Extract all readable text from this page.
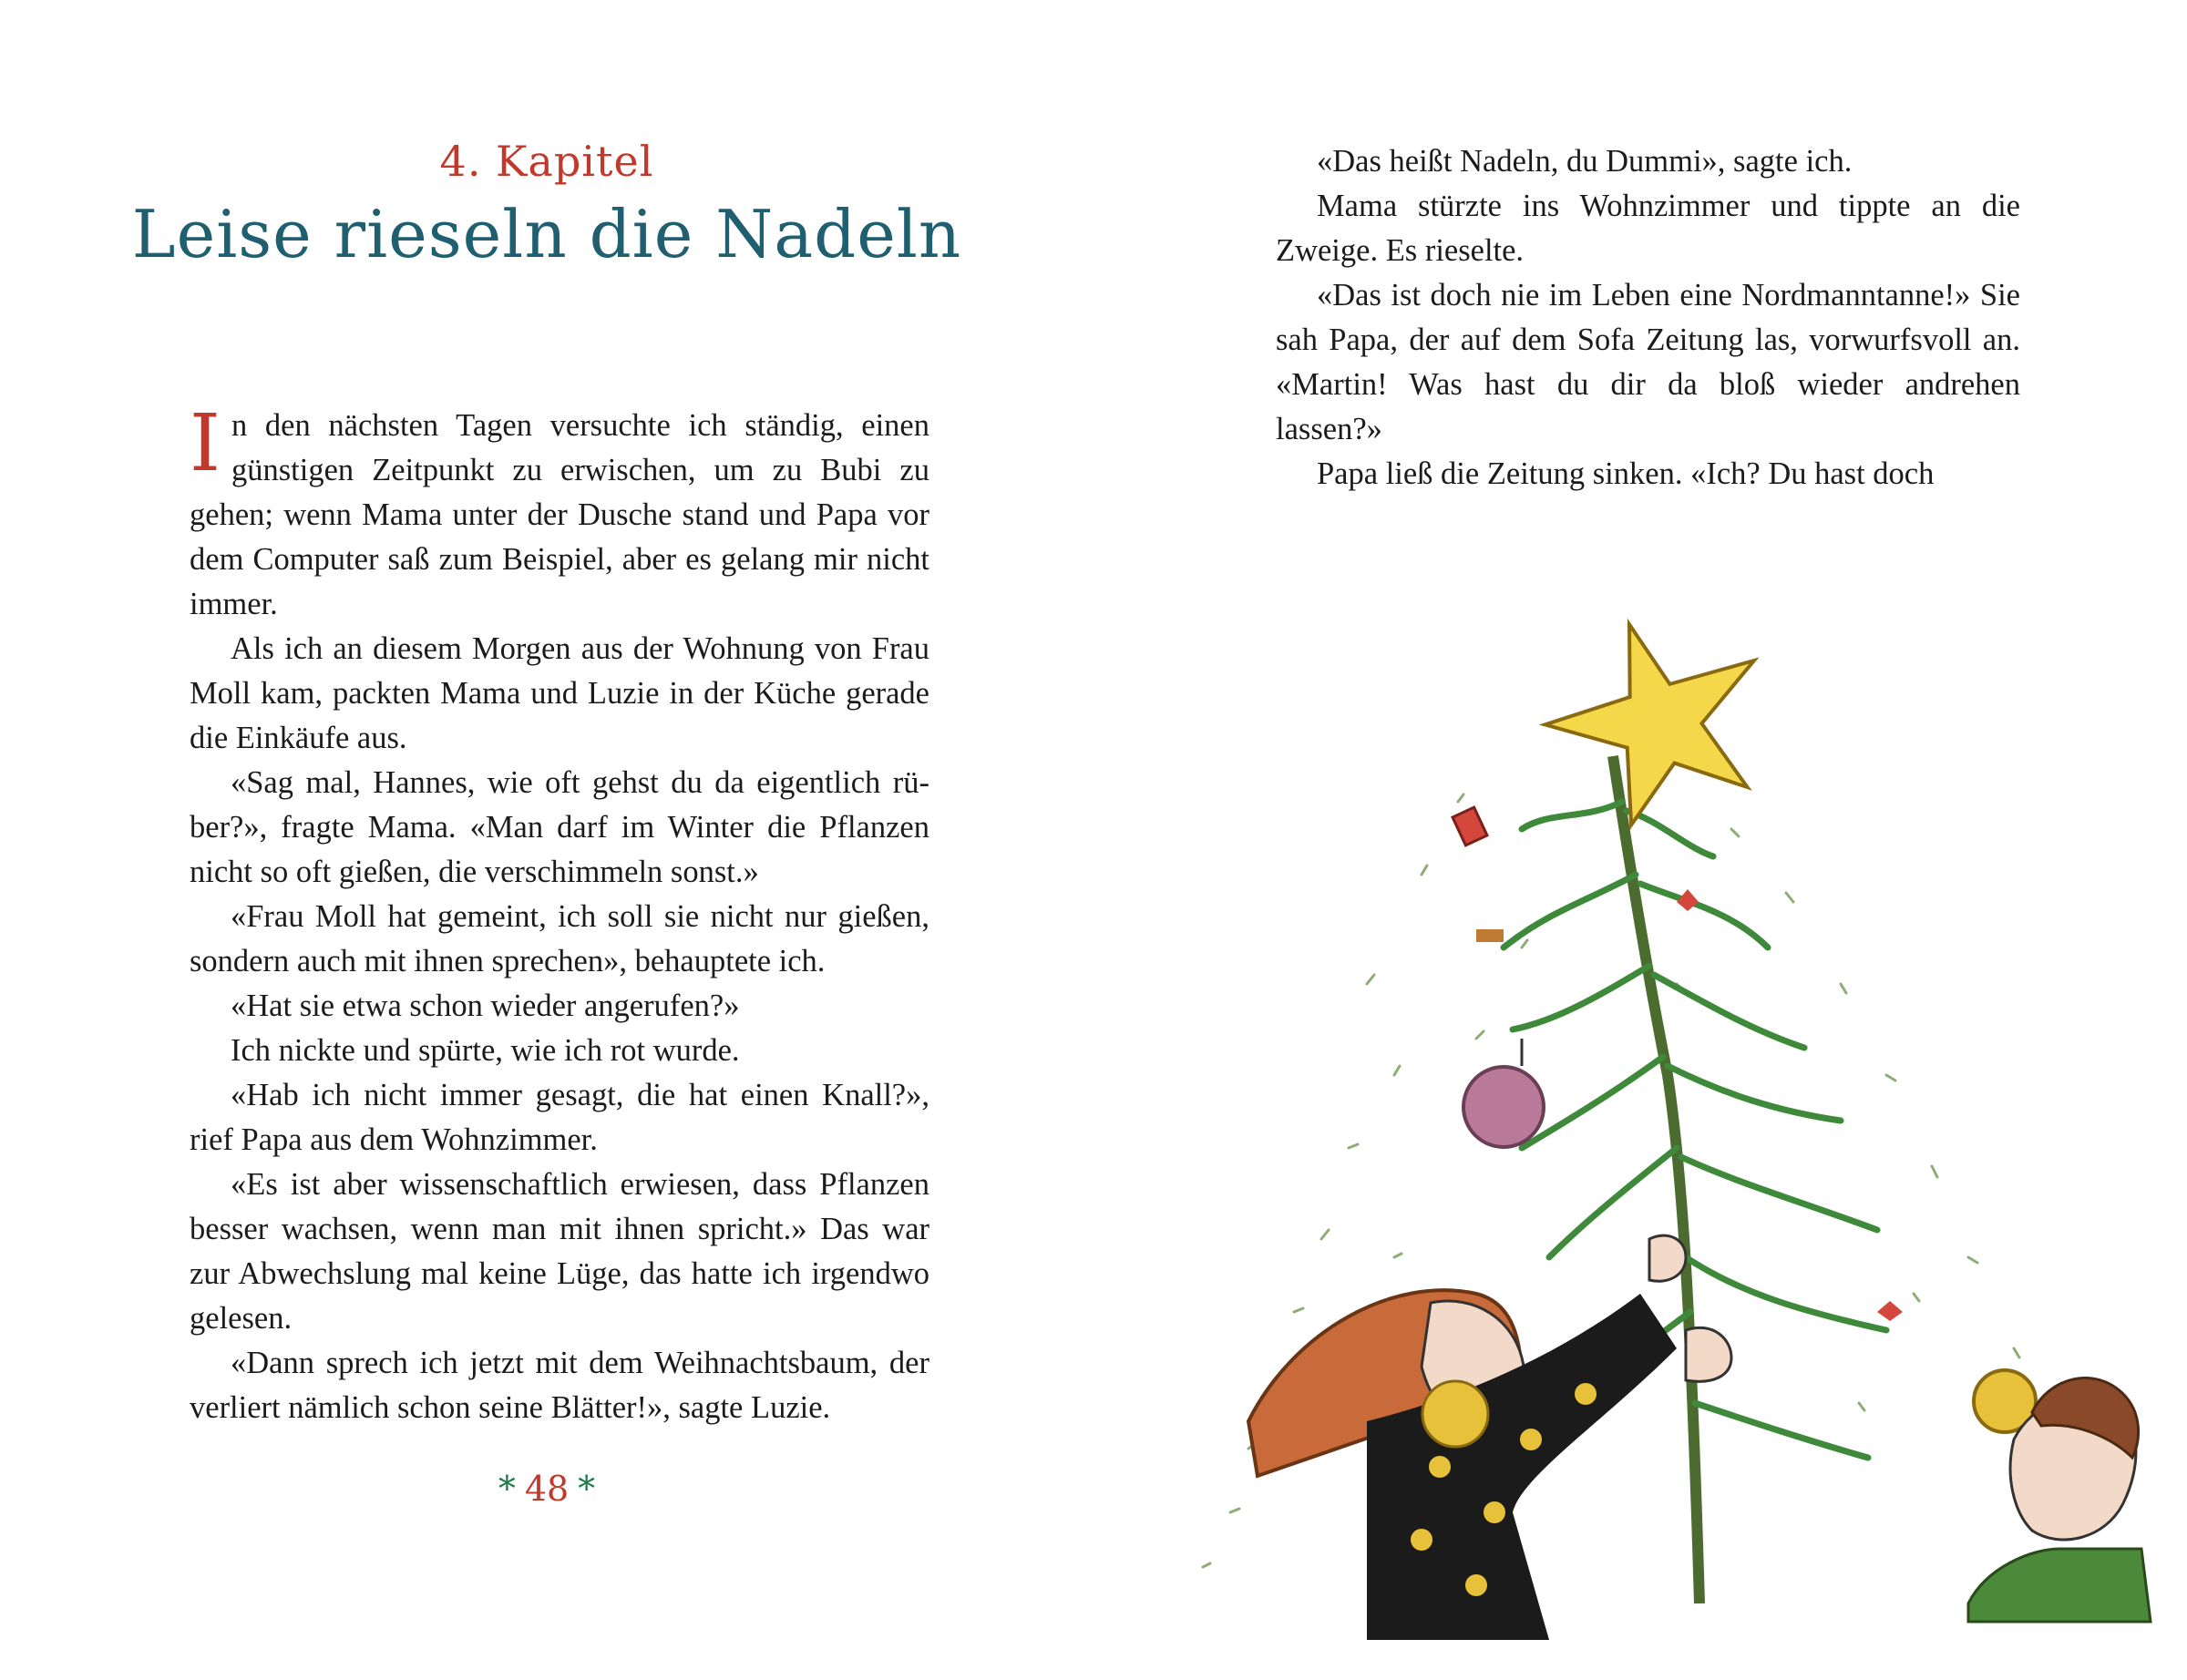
4. Kapitel
Leise rieseln die Nadeln

In den nächsten Tagen versuchte ich ständig, einen günstigen Zeitpunkt zu erwischen, um zu Bubi zu gehen; wenn Mama unter der Dusche stand und Papa vor dem Computer saß zum Beispiel, aber es gelang mir nicht immer.

Als ich an diesem Morgen aus der Wohnung von Frau Moll kam, packten Mama und Luzie in der Küche gerade die Einkäufe aus.

«Sag mal, Hannes, wie oft gehst du da eigentlich rüber?», fragte Mama. «Man darf im Winter die Pflanzen nicht so oft gießen, die verschimmeln sonst.»

«Frau Moll hat gemeint, ich soll sie nicht nur gießen, sondern auch mit ihnen sprechen», behauptete ich.

«Hat sie etwa schon wieder angerufen?»

Ich nickte und spürte, wie ich rot wurde.

«Hab ich nicht immer gesagt, die hat einen Knall?», rief Papa aus dem Wohnzimmer.

«Es ist aber wissenschaftlich erwiesen, dass Pflanzen besser wachsen, wenn man mit ihnen spricht.» Das war zur Abwechslung mal keine Lüge, das hatte ich irgendwo gelesen.

«Dann sprech ich jetzt mit dem Weihnachtsbaum, der verliert nämlich schon seine Blätter!», sagte Luzie.

* 48 *

«Das heißt Nadeln, du Dummi», sagte ich.

Mama stürzte ins Wohnzimmer und tippte an die Zweige. Es rieselte.

«Das ist doch nie im Leben eine Nordmanntanne!» Sie sah Papa, der auf dem Sofa Zeitung las, vorwurfsvoll an. «Martin! Was hast du dir da bloß wieder andrehen lassen?»

Papa ließ die Zeitung sinken. «Ich? Du hast doch
